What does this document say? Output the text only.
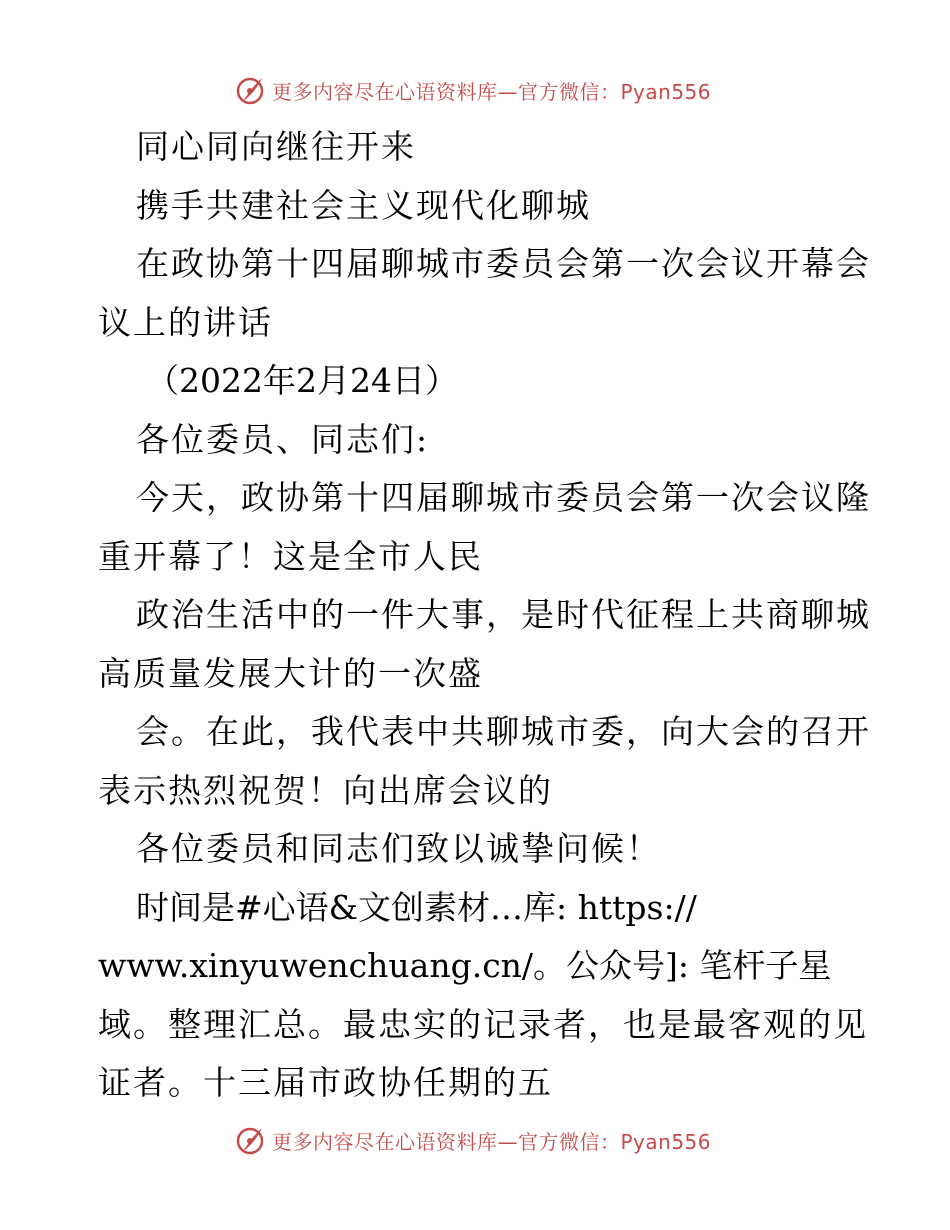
更多内容尽在心语资料库—官方微信：Pyan556
同心同向继往开来
携手共建社会主义现代化聊城
在政协第十四届聊城市委员会第一次会议开幕会
议上的讲话
（2022年2月24日）
各位委员、同志们:
今天，政协第十四届聊城市委员会第一次会议隆
重开幕了！这是全市人民
政治生活中的一件大事，是时代征程上共商聊城
高质量发展大计的一次盛
会。在此，我代表中共聊城市委，向大会的召开
表示热烈祝贺！向出席会议的
各位委员和同志们致以诚挚问候！
时间是#心语&文创素材…库: https://
www.xinyuwenchuang.cn/。公众号]: 笔杆子星
域。整理汇总。最忠实的记录者，也是最客观的见
证者。十三届市政协任期的五
更多内容尽在心语资料库—官方微信：Pyan556
